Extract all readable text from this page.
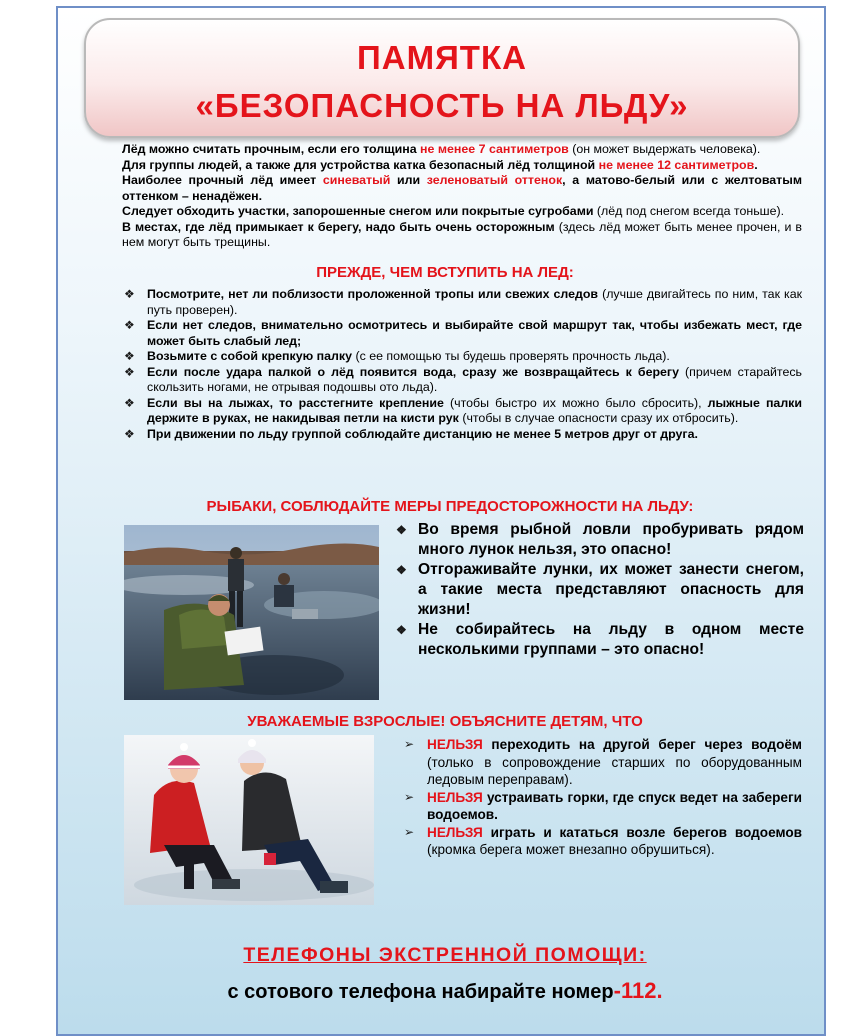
ПАМЯТКА
«БЕЗОПАСНОСТЬ НА ЛЬДУ»

Лёд можно считать прочным, если его толщина не менее 7 сантиметров (он может выдержать человека).

Для группы людей, а также для устройства катка безопасный лёд толщиной не менее 12 сантиметров.

Наиболее прочный лёд имеет синеватый или зеленоватый оттенок, а матово-белый или с желтоватым оттенком – ненадёжен.

Следует обходить участки, запорошенные снегом или покрытые сугробами (лёд под снегом всегда тоньше).

В местах, где лёд примыкает к берегу, надо быть очень осторожным (здесь лёд может быть менее прочен, и в нем могут быть трещины.

ПРЕЖДЕ, ЧЕМ ВСТУПИТЬ НА ЛЕД:
❖ Посмотрите, нет ли поблизости проложенной тропы или свежих следов (лучше двигайтесь по ним, так как путь проверен).
❖ Если нет следов, внимательно осмотритесь и выбирайте свой маршрут так, чтобы избежать мест, где может быть слабый лед;
❖ Возьмите с собой крепкую палку (с ее помощью ты будешь проверять прочность льда).
❖ Если после удара палкой о лёд появится вода, сразу же возвращайтесь к берегу (причем старайтесь скользить ногами, не отрывая подошвы ото льда).
❖ Если вы на лыжах, то расстегните крепление (чтобы быстро их можно было сбросить), лыжные палки держите в руках, не накидывая петли на кисти рук (чтобы в случае опасности сразу их отбросить).
❖ При движении по льду группой соблюдайте дистанцию не менее 5 метров друг от друга.
РЫБАКИ, СОБЛЮДАЙТЕ МЕРЫ ПРЕДОСТОРОЖНОСТИ НА ЛЬДУ:
❖ Во время рыбной ловли пробуривать рядом много лунок нельзя, это опасно!
❖ Отгораживайте лунки, их может занести снегом, а такие места представляют опасность для жизни!
❖ Не собирайтесь на льду в одном месте несколькими группами – это опасно!
УВАЖАЕМЫЕ ВЗРОСЛЫЕ! ОБЪЯСНИТЕ ДЕТЯМ, ЧТО
➢ НЕЛЬЗЯ переходить на другой берег через водоём (только в сопровождение старших по оборудованным ледовым переправам).
➢ НЕЛЬЗЯ устраивать горки, где спуск ведет на забереги водоемов.
➢ НЕЛЬЗЯ играть и кататься возле берегов водоемов (кромка берега может внезапно обрушиться).
ТЕЛЕФОНЫ ЭКСТРЕННОЙ ПОМОЩИ:
с сотового телефона набирайте номер-112.
